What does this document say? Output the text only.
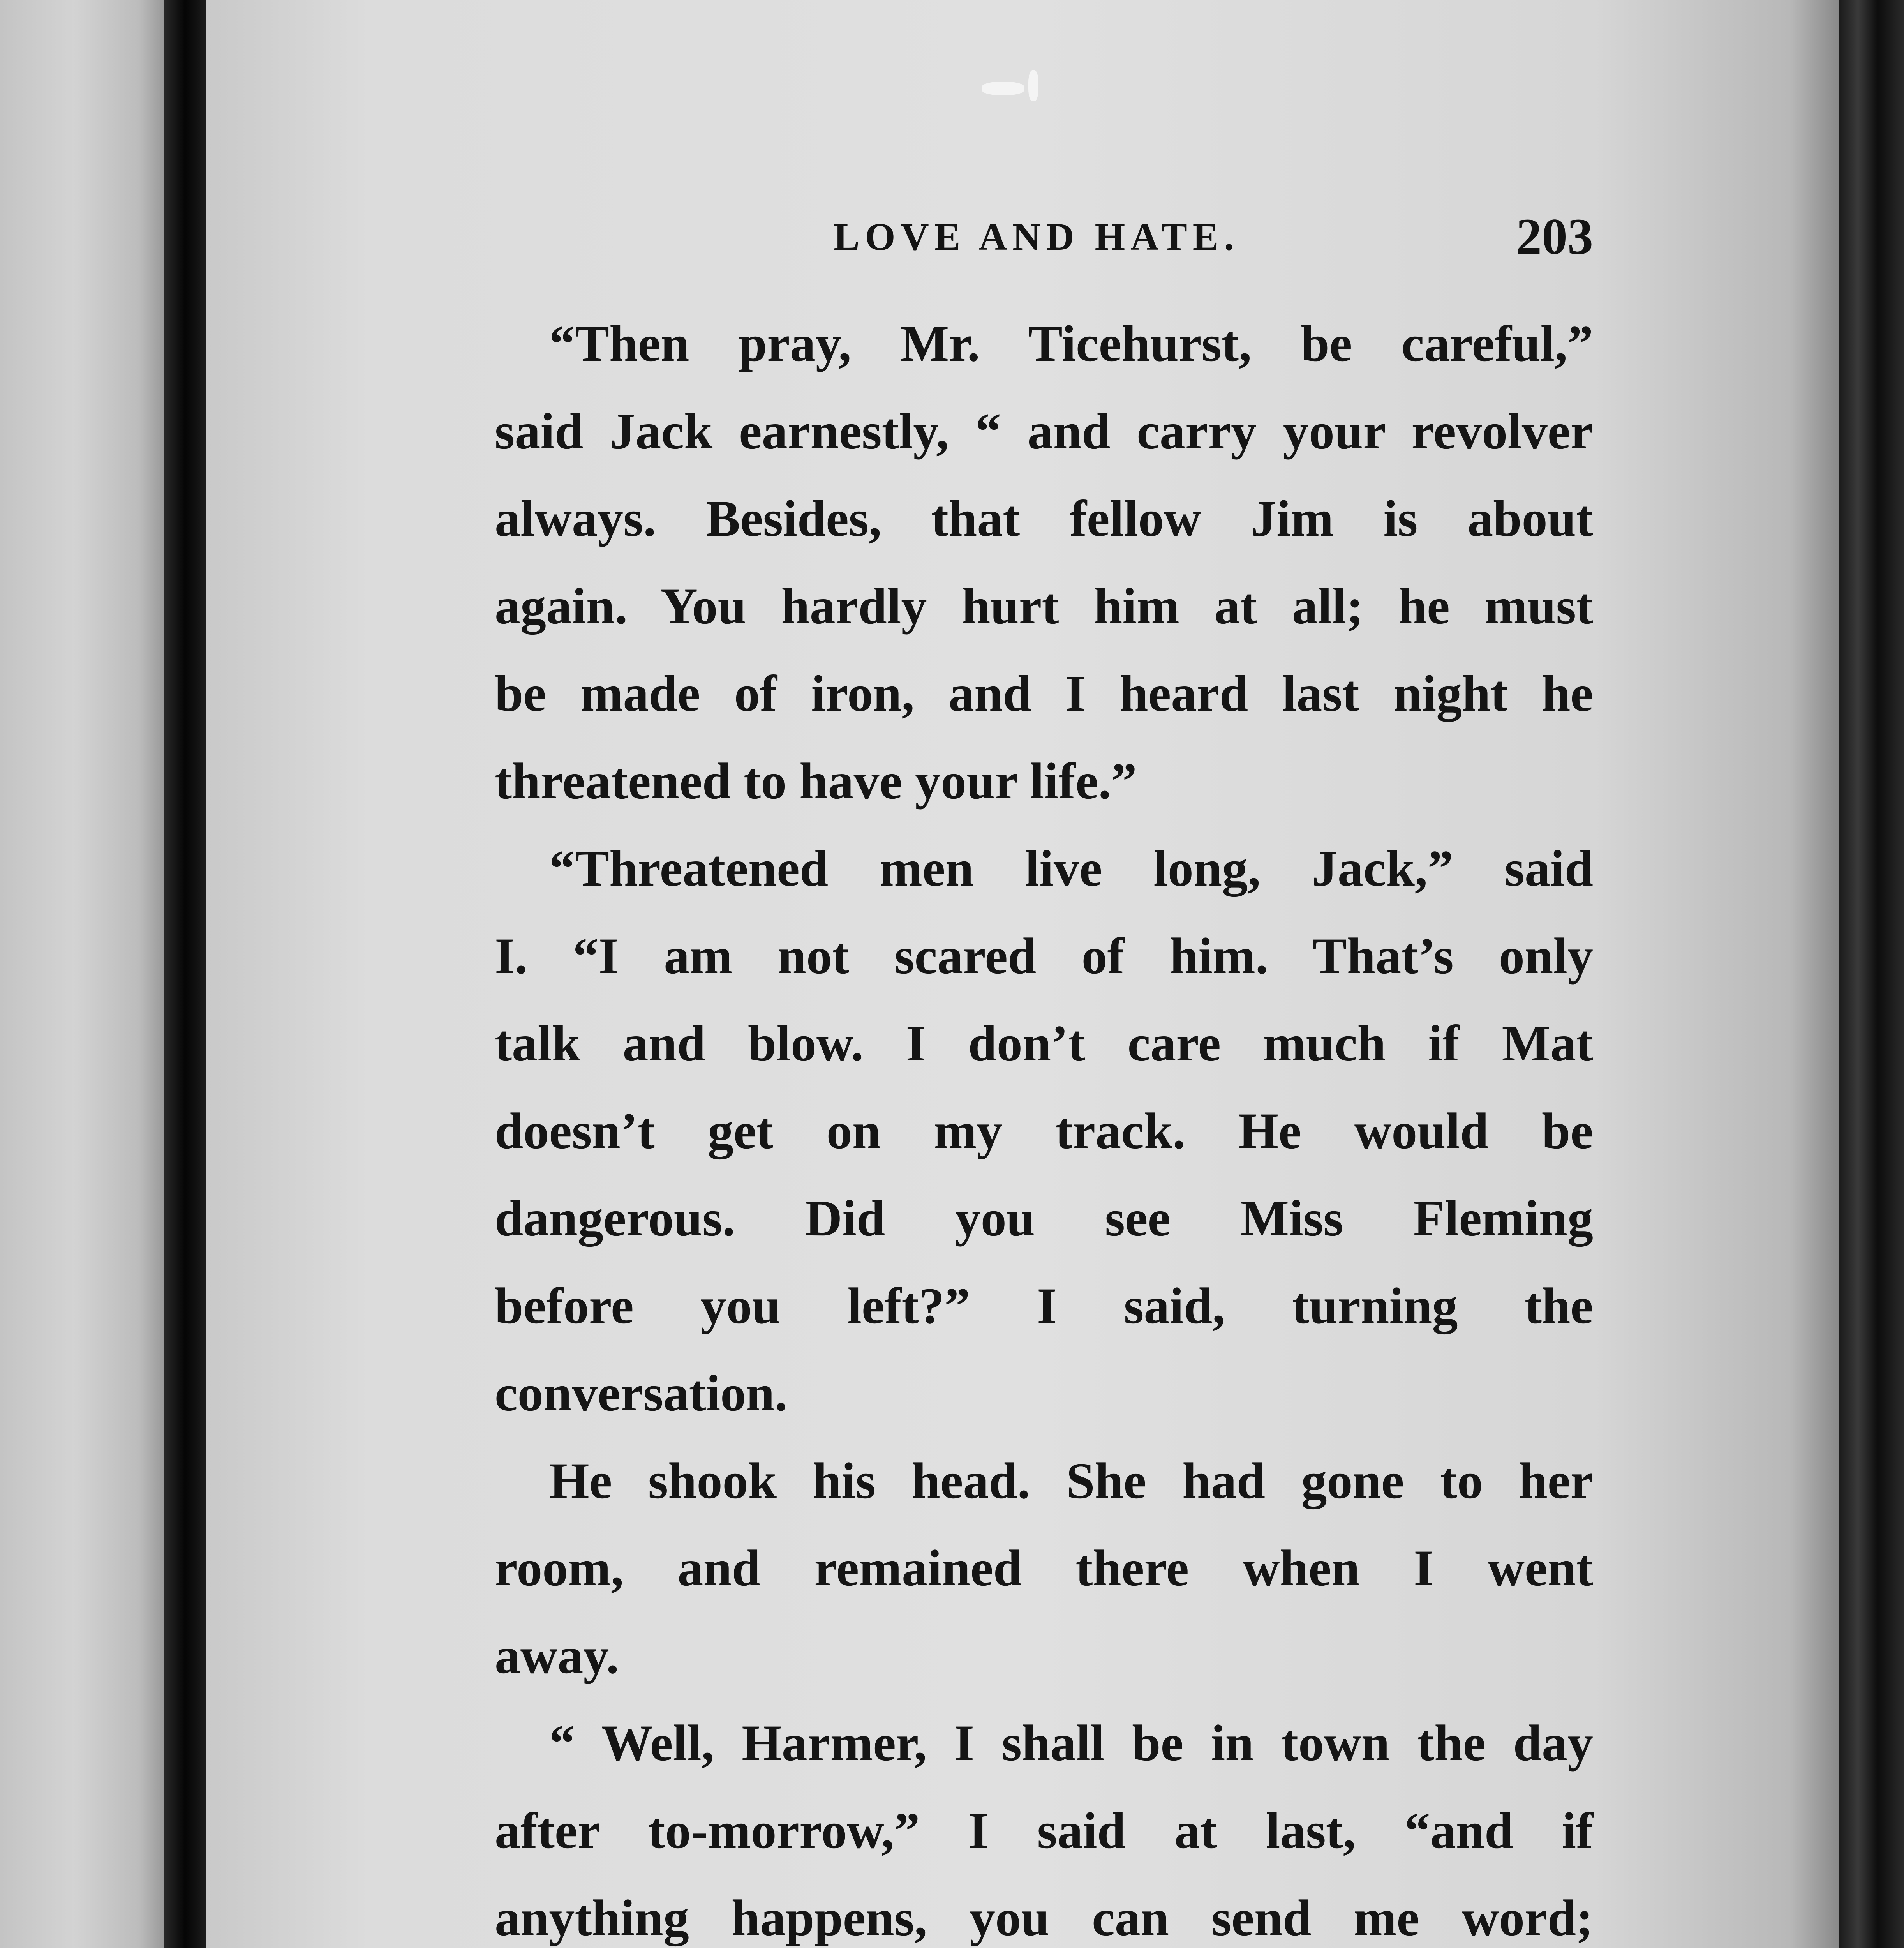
LOVE AND HATE.	203
“Then pray, Mr. Ticehurst, be careful,”
said Jack earnestly, “ and carry your revolver
always. Besides, that fellow Jim is about
again. You hardly hurt him at all; he must
be made of iron, and I heard last night he
threatened to have your life.”
“Threatened men live long, Jack,” said
I. “I am not scared of him. That’s only
talk and blow. I don’t care much if Mat
doesn’t get on my track. He would be
dangerous. Did you see Miss Fleming
before you left?” I said, turning the
conversation.
He shook his head. She had gone to her
room, and remained there when I went
away.
“ Well, Harmer, I shall be in town the day
after to-morrow,” I said at last, “and if
anything happens, you can send me word;
